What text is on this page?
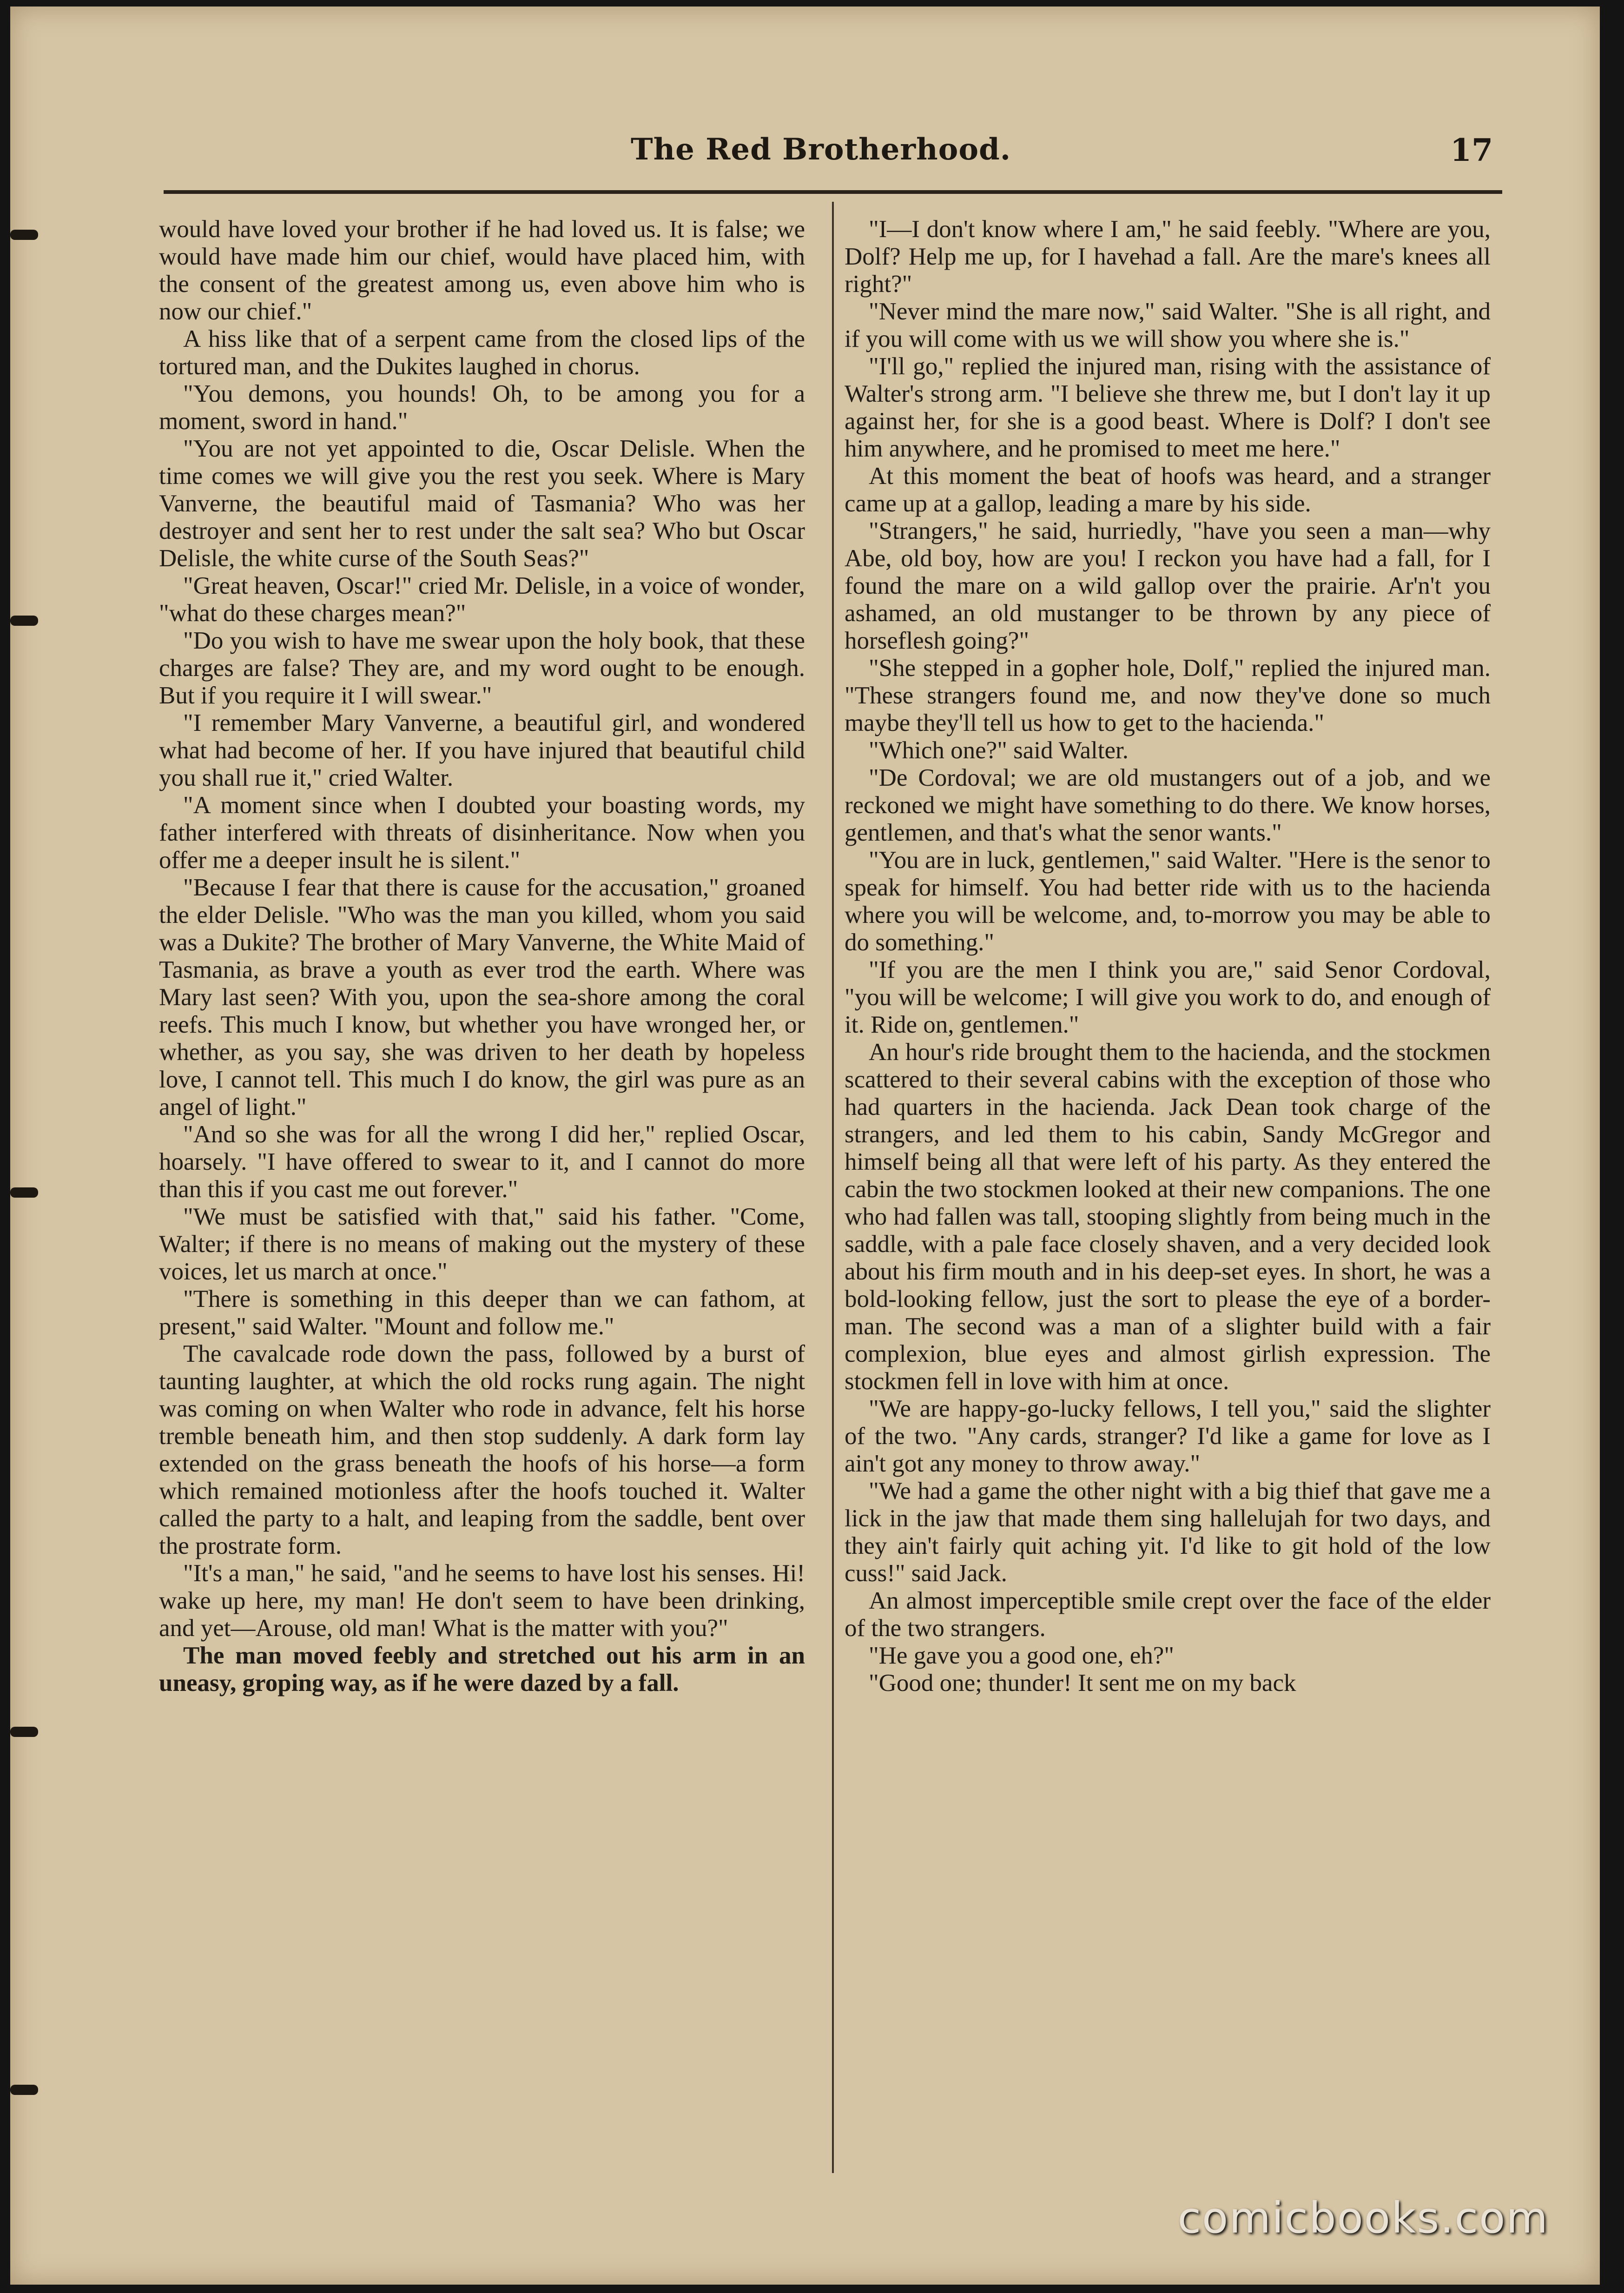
The Red Brotherhood.	17

would have loved your brother if he had loved us. It is false; we would have made him our chief, would have placed him, with the consent of the greatest among us, even above him who is now our chief."

A hiss like that of a serpent came from the closed lips of the tortured man, and the Dukites laughed in chorus.

"You demons, you hounds! Oh, to be among you for a moment, sword in hand."

"You are not yet appointed to die, Oscar Delisle. When the time comes we will give you the rest you seek. Where is Mary Vanverne, the beautiful maid of Tasmania? Who was her destroyer and sent her to rest under the salt sea? Who but Oscar Delisle, the white curse of the South Seas?"

"Great heaven, Oscar!" cried Mr. Delisle, in a voice of wonder, "what do these charges mean?"

"Do you wish to have me swear upon the holy book, that these charges are false? They are, and my word ought to be enough. But if you require it I will swear."

"I remember Mary Vanverne, a beautiful girl, and wondered what had become of her. If you have injured that beautiful child you shall rue it," cried Walter.

"A moment since when I doubted your boasting words, my father interfered with threats of disinheritance. Now when you offer me a deeper insult he is silent."

"Because I fear that there is cause for the accusation," groaned the elder Delisle. "Who was the man you killed, whom you said was a Dukite? The brother of Mary Vanverne, the White Maid of Tasmania, as brave a youth as ever trod the earth. Where was Mary last seen? With you, upon the sea-shore among the coral reefs. This much I know, but whether you have wronged her, or whether, as you say, she was driven to her death by hopeless love, I cannot tell. This much I do know, the girl was pure as an angel of light."

"And so she was for all the wrong I did her," replied Oscar, hoarsely. "I have offered to swear to it, and I cannot do more than this if you cast me out forever."

"We must be satisfied with that," said his father. "Come, Walter; if there is no means of making out the mystery of these voices, let us march at once."

"There is something in this deeper than we can fathom, at present," said Walter. "Mount and follow me."

The cavalcade rode down the pass, followed by a burst of taunting laughter, at which the old rocks rung again. The night was coming on when Walter who rode in advance, felt his horse tremble beneath him, and then stop suddenly. A dark form lay extended on the grass beneath the hoofs of his horse—a form which remained motionless after the hoofs touched it. Walter called the party to a halt, and leaping from the saddle, bent over the prostrate form.

"It's a man," he said, "and he seems to have lost his senses. Hi! wake up here, my man! He don't seem to have been drinking, and yet—Arouse, old man! What is the matter with you?"

The man moved feebly and stretched out his arm in an uneasy, groping way, as if he were dazed by a fall.

"I—I don't know where I am," he said feebly. "Where are you, Dolf? Help me up, for I havehad a fall. Are the mare's knees all right?"

"Never mind the mare now," said Walter. "She is all right, and if you will come with us we will show you where she is."

"I'll go," replied the injured man, rising with the assistance of Walter's strong arm. "I believe she threw me, but I don't lay it up against her, for she is a good beast. Where is Dolf? I don't see him anywhere, and he promised to meet me here."

At this moment the beat of hoofs was heard, and a stranger came up at a gallop, leading a mare by his side.

"Strangers," he said, hurriedly, "have you seen a man—why Abe, old boy, how are you! I reckon you have had a fall, for I found the mare on a wild gallop over the prairie. Ar'n't you ashamed, an old mustanger to be thrown by any piece of horseflesh going?"

"She stepped in a gopher hole, Dolf," replied the injured man. "These strangers found me, and now they've done so much maybe they'll tell us how to get to the hacienda."

"Which one?" said Walter.

"De Cordoval; we are old mustangers out of a job, and we reckoned we might have something to do there. We know horses, gentlemen, and that's what the senor wants."

"You are in luck, gentlemen," said Walter. "Here is the senor to speak for himself. You had better ride with us to the hacienda where you will be welcome, and, to-morrow you may be able to do something."

"If you are the men I think you are," said Senor Cordoval, "you will be welcome; I will give you work to do, and enough of it. Ride on, gentlemen."

An hour's ride brought them to the hacienda, and the stockmen scattered to their several cabins with the exception of those who had quarters in the hacienda. Jack Dean took charge of the strangers, and led them to his cabin, Sandy McGregor and himself being all that were left of his party. As they entered the cabin the two stockmen looked at their new companions. The one who had fallen was tall, stooping slightly from being much in the saddle, with a pale face closely shaven, and a very decided look about his firm mouth and in his deep-set eyes. In short, he was a bold-looking fellow, just the sort to please the eye of a border-man. The second was a man of a slighter build with a fair complexion, blue eyes and almost girlish expression. The stockmen fell in love with him at once.

"We are happy-go-lucky fellows, I tell you," said the slighter of the two. "Any cards, stranger? I'd like a game for love as I ain't got any money to throw away."

"We had a game the other night with a big thief that gave me a lick in the jaw that made them sing hallelujah for two days, and they ain't fairly quit aching yit. I'd like to git hold of the low cuss!" said Jack.

An almost imperceptible smile crept over the face of the elder of the two strangers.

"He gave you a good one, eh?"

"Good one; thunder! It sent me on my back

comicbooks.com
